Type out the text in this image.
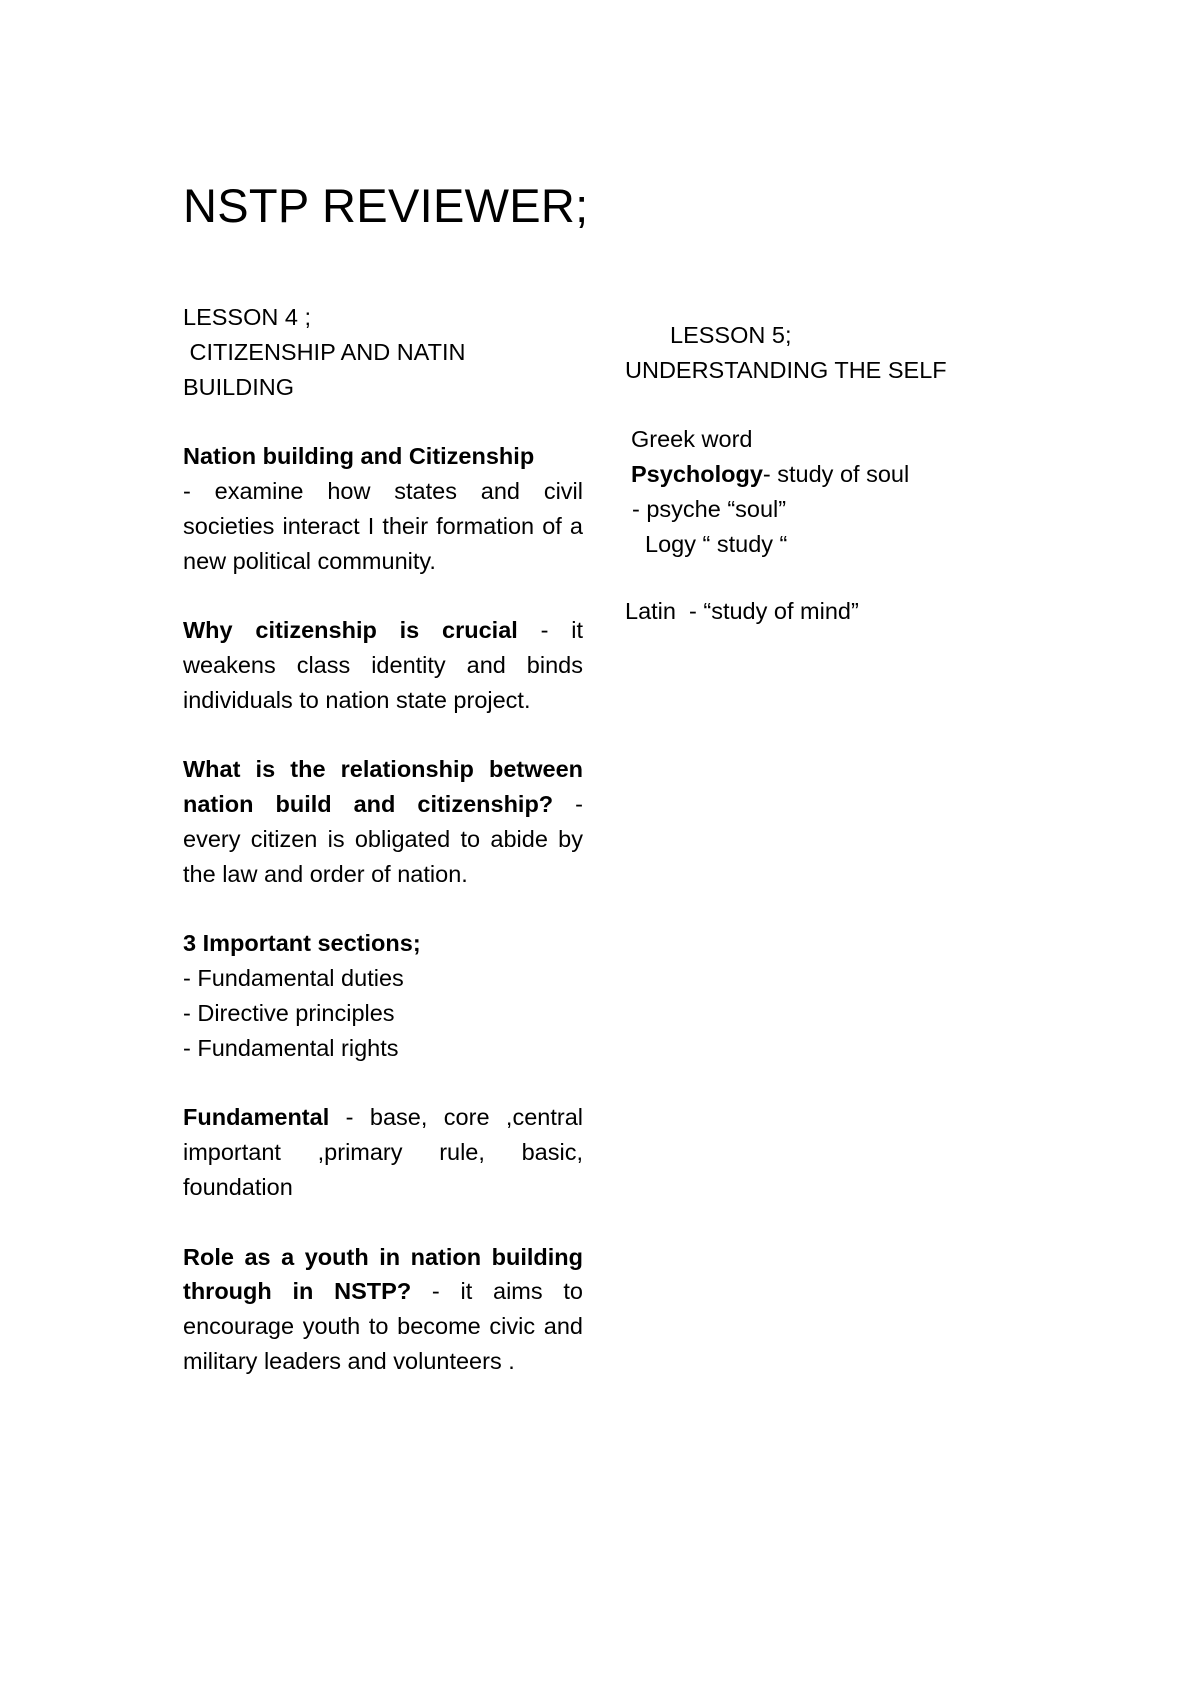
NSTP REVIEWER;

LESSON 4 ;

CITIZENSHIP AND NATIN

BUILDING

Nation building and Citizenship

- examine how states and civil societies interact I their formation of a new political community.

Why citizenship is crucial - it weakens class identity and binds individuals to nation state project.

What is the relationship between nation build and citizenship? - every citizen is obligated to abide by the law and order of nation.

3 Important sections;

- Fundamental duties

- Directive principles

- Fundamental rights

Fundamental - base, core ,central important ,primary rule, basic, foundation

Role as a youth in nation building through in NSTP? - it aims to encourage youth to become civic and military leaders and volunteers .

LESSON 5;

UNDERSTANDING THE SELF

Greek word

Psychology- study of soul

- psyche “soul”

Logy “ study “

Latin  - “study of mind”
